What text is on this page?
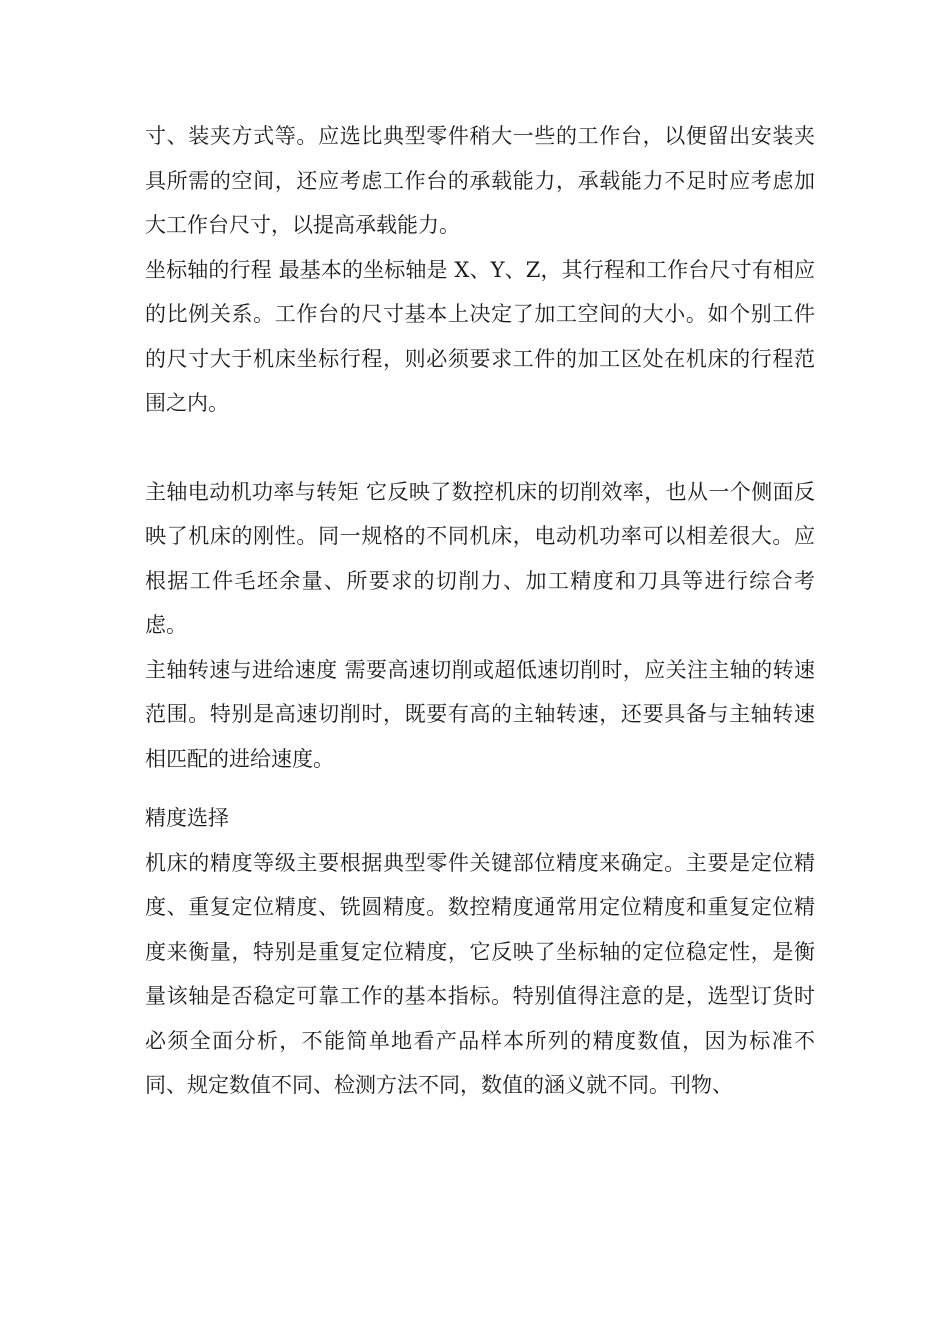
寸、装夹方式等。应选比典型零件稍大一些的工作台，以便留出安装夹具所需的空间，还应考虑工作台的承载能力，承载能力不足时应考虑加大工作台尺寸，以提高承载能力。

坐标轴的行程 最基本的坐标轴是 X、Y、Z，其行程和工作台尺寸有相应的比例关系。工作台的尺寸基本上决定了加工空间的大小。如个别工件的尺寸大于机床坐标行程，则必须要求工件的加工区处在机床的行程范围之内。

主轴电动机功率与转矩 它反映了数控机床的切削效率，也从一个侧面反映了机床的刚性。同一规格的不同机床，电动机功率可以相差很大。应根据工件毛坯余量、所要求的切削力、加工精度和刀具等进行综合考虑。

主轴转速与进给速度 需要高速切削或超低速切削时，应关注主轴的转速范围。特别是高速切削时，既要有高的主轴转速，还要具备与主轴转速相匹配的进给速度。

精度选择

机床的精度等级主要根据典型零件关键部位精度来确定。主要是定位精度、重复定位精度、铣圆精度。数控精度通常用定位精度和重复定位精度来衡量，特别是重复定位精度，它反映了坐标轴的定位稳定性，是衡量该轴是否稳定可靠工作的基本指标。特别值得注意的是，选型订货时必须全面分析，不能简单地看产品样本所列的精度数值，因为标准不同、规定数值不同、检测方法不同，数值的涵义就不同。刊物、
